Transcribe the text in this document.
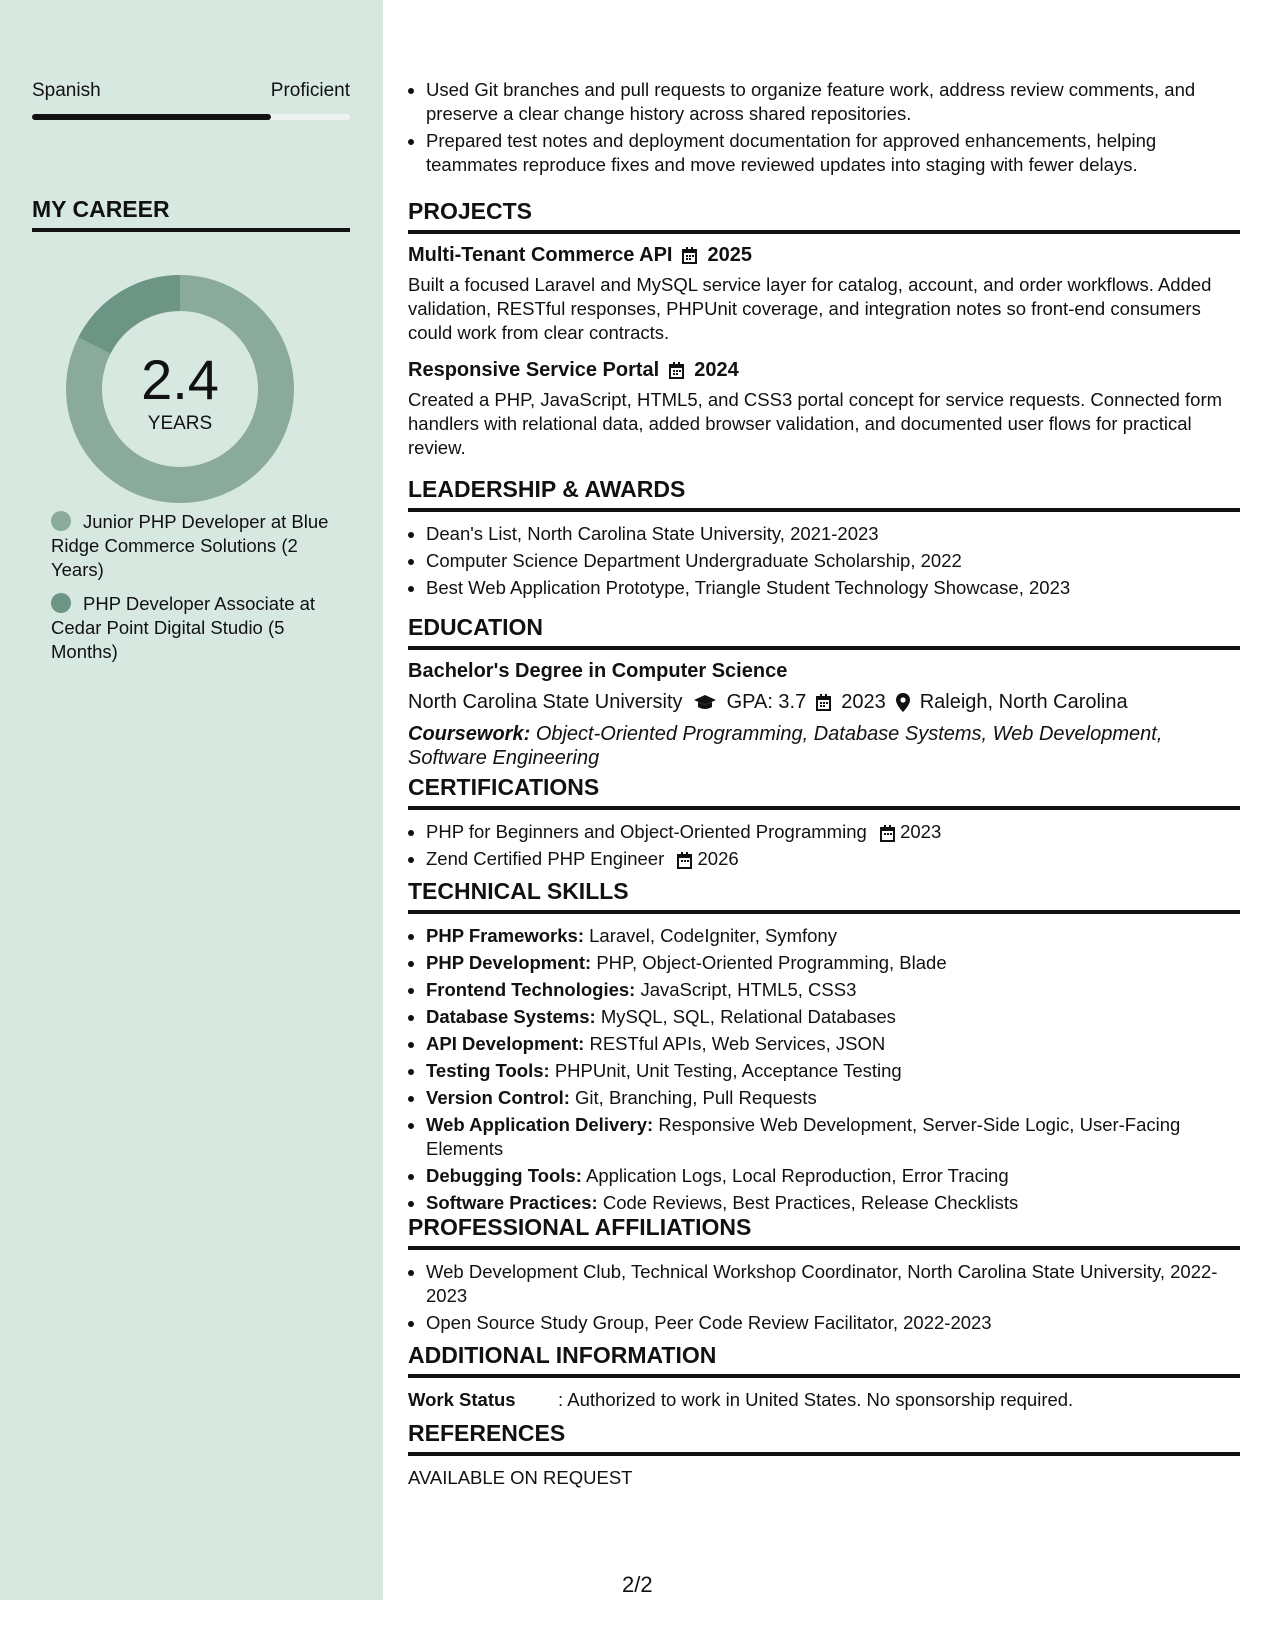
Spanish	Proficient
MY CAREER
2.4
YEARS
Junior PHP Developer at Blue Ridge Commerce Solutions (2 Years)
PHP Developer Associate at Cedar Point Digital Studio (5 Months)
• Used Git branches and pull requests to organize feature work, address review comments, and preserve a clear change history across shared repositories.
• Prepared test notes and deployment documentation for approved enhancements, helping teammates reproduce fixes and move reviewed updates into staging with fewer delays.
PROJECTS
Multi-Tenant Commerce API 2025
Built a focused Laravel and MySQL service layer for catalog, account, and order workflows. Added validation, RESTful responses, PHPUnit coverage, and integration notes so front-end consumers could work from clear contracts.
Responsive Service Portal 2024
Created a PHP, JavaScript, HTML5, and CSS3 portal concept for service requests. Connected form handlers with relational data, added browser validation, and documented user flows for practical review.
LEADERSHIP & AWARDS
• Dean's List, North Carolina State University, 2021-2023
• Computer Science Department Undergraduate Scholarship, 2022
• Best Web Application Prototype, Triangle Student Technology Showcase, 2023
EDUCATION
Bachelor's Degree in Computer Science
North Carolina State University GPA: 3.7 2023 Raleigh, North Carolina
Coursework: Object-Oriented Programming, Database Systems, Web Development, Software Engineering
CERTIFICATIONS
• PHP for Beginners and Object-Oriented Programming 2023
• Zend Certified PHP Engineer 2026
TECHNICAL SKILLS
• PHP Frameworks: Laravel, CodeIgniter, Symfony
• PHP Development: PHP, Object-Oriented Programming, Blade
• Frontend Technologies: JavaScript, HTML5, CSS3
• Database Systems: MySQL, SQL, Relational Databases
• API Development: RESTful APIs, Web Services, JSON
• Testing Tools: PHPUnit, Unit Testing, Acceptance Testing
• Version Control: Git, Branching, Pull Requests
• Web Application Delivery: Responsive Web Development, Server-Side Logic, User-Facing Elements
• Debugging Tools: Application Logs, Local Reproduction, Error Tracing
• Software Practices: Code Reviews, Best Practices, Release Checklists
PROFESSIONAL AFFILIATIONS
• Web Development Club, Technical Workshop Coordinator, North Carolina State University, 2022-2023
• Open Source Study Group, Peer Code Review Facilitator, 2022-2023
ADDITIONAL INFORMATION
Work Status	: Authorized to work in United States. No sponsorship required.
REFERENCES
AVAILABLE ON REQUEST
2/2
